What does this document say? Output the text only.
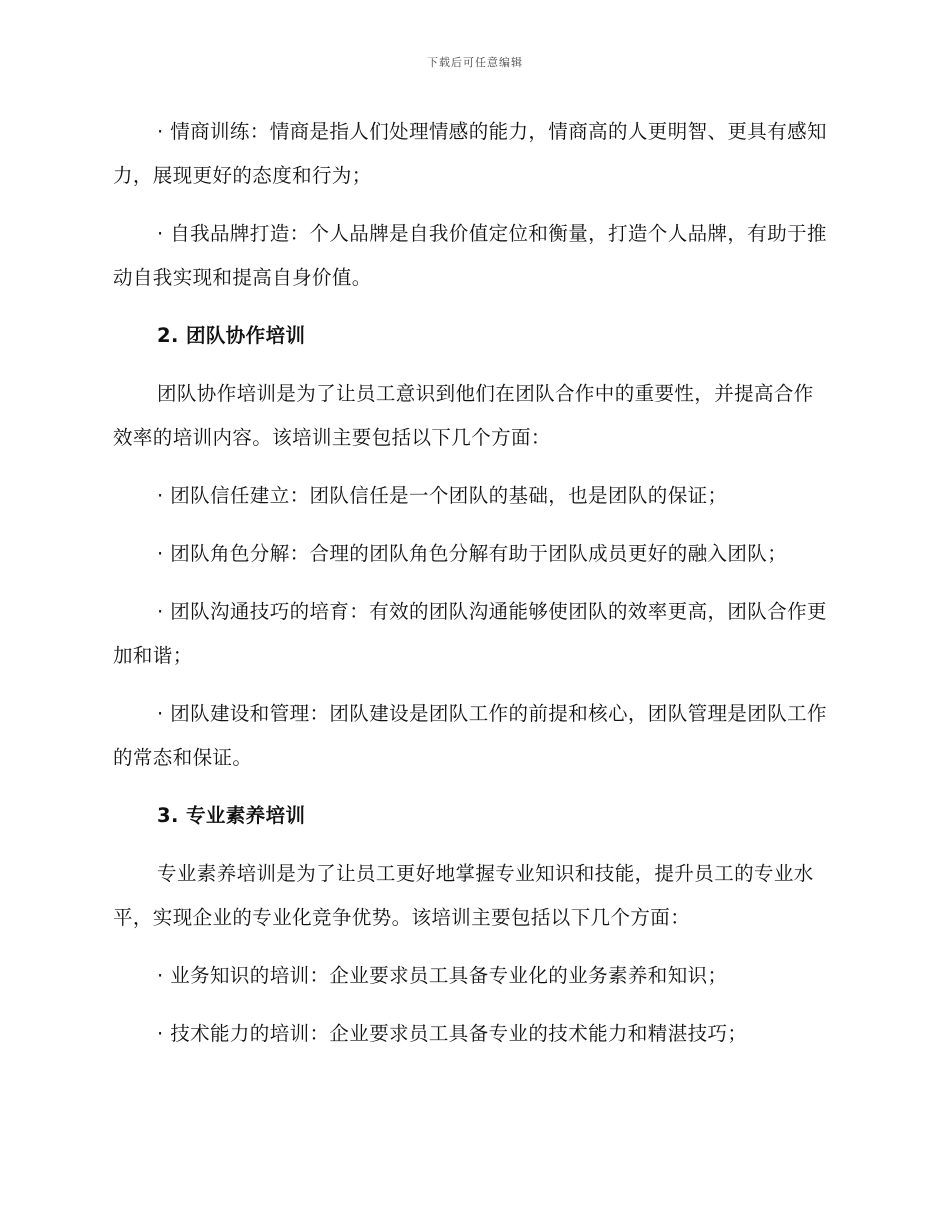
下载后可任意编辑

· 情商训练：情商是指人们处理情感的能力，情商高的人更明智、更具有感知力，展现更好的态度和行为；

· 自我品牌打造：个人品牌是自我价值定位和衡量，打造个人品牌，有助于推动自我实现和提高自身价值。

2. 团队协作培训

团队协作培训是为了让员工意识到他们在团队合作中的重要性，并提高合作效率的培训内容。该培训主要包括以下几个方面：

· 团队信任建立：团队信任是一个团队的基础，也是团队的保证；

· 团队角色分解：合理的团队角色分解有助于团队成员更好的融入团队；

· 团队沟通技巧的培育：有效的团队沟通能够使团队的效率更高，团队合作更加和谐；

· 团队建设和管理：团队建设是团队工作的前提和核心，团队管理是团队工作的常态和保证。

3. 专业素养培训

专业素养培训是为了让员工更好地掌握专业知识和技能，提升员工的专业水平，实现企业的专业化竞争优势。该培训主要包括以下几个方面：

· 业务知识的培训：企业要求员工具备专业化的业务素养和知识；

· 技术能力的培训：企业要求员工具备专业的技术能力和精湛技巧；
